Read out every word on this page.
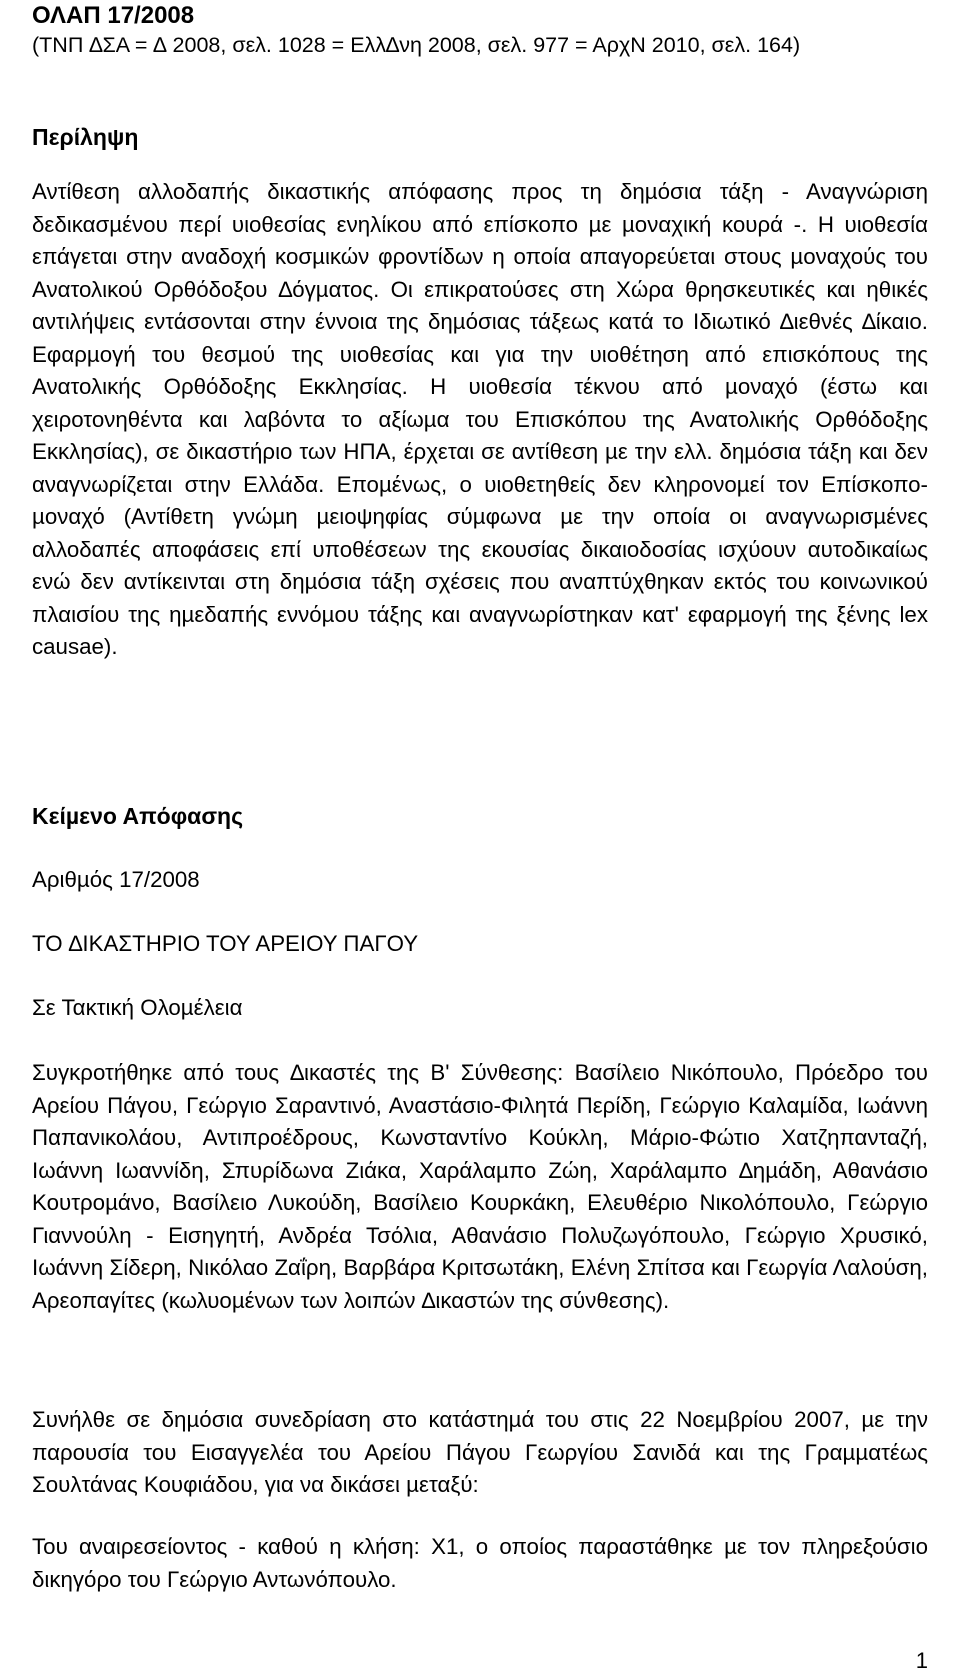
ΟΛΑΠ 17/2008

(ΤΝΠ ∆ΣΑ = ∆ 2008, σελ. 1028 = Ελλ∆νη 2008, σελ. 977 = ΑρχΝ 2010, σελ. 164)

Περίληψη

Αντίθεση αλλοδαπής δικαστικής απόφασης προς τη δηµόσια τάξη - Αναγνώριση δεδικασµένου περί υιοθεσίας ενηλίκου από επίσκοπο µε µοναχική κουρά -. Η υιοθεσία επάγεται στην αναδοχή κοσµικών φροντίδων η οποία απαγορεύεται στους µοναχούς του Ανατολικού Ορθόδοξου ∆όγµατος. Οι επικρατούσες στη Χώρα θρησκευτικές και ηθικές αντιλήψεις εντάσονται στην έννοια της δηµόσιας τάξεως κατά το Ιδιωτικό ∆ιεθνές ∆ίκαιο. Εφαρµογή του θεσµού της υιοθεσίας και για την υιοθέτηση από επισκόπους της Ανατολικής Ορθόδοξης Εκκλησίας. Η υιοθεσία τέκνου από µοναχό (έστω και χειροτονηθέντα και λαβόντα το αξίωµα του Επισκόπου της Ανατολικής Ορθόδοξης Εκκλησίας), σε δικαστήριο των ΗΠΑ, έρχεται σε αντίθεση µε την ελλ. δηµόσια τάξη και δεν αναγνωρίζεται στην Ελλάδα. Εποµένως, ο υιοθετηθείς δεν κληρονοµεί τον Επίσκοπο-µοναχό (Αντίθετη γνώµη µειοψηφίας σύµφωνα µε την οποία οι αναγνωρισµένες αλλοδαπές αποφάσεις επί υποθέσεων της εκουσίας δικαιοδοσίας ισχύουν αυτοδικαίως ενώ δεν αντίκεινται στη δηµόσια τάξη σχέσεις που αναπτύχθηκαν εκτός του κοινωνικού πλαισίου της ηµεδαπής εννόµου τάξης και αναγνωρίστηκαν κατ' εφαρµογή της ξένης lex causae).

Κείµενο Απόφασης

Αριθµός 17/2008

ΤΟ ∆ΙΚΑΣΤΗΡΙΟ ΤΟΥ ΑΡΕΙΟΥ ΠΑΓΟΥ

Σε Τακτική Ολοµέλεια

Συγκροτήθηκε από τους ∆ικαστές της Β' Σύνθεσης: Βασίλειο Νικόπουλο, Πρόεδρο του Αρείου Πάγου, Γεώργιο Σαραντινό, Αναστάσιο-Φιλητά Περίδη, Γεώργιο Καλαµίδα, Ιωάννη Παπανικολάου, Αντιπροέδρους, Κωνσταντίνο Κούκλη, Μάριο-Φώτιο Χατζηπανταζή, Ιωάννη Ιωαννίδη, Σπυρίδωνα Ζιάκα, Χαράλαµπο Ζώη, Χαράλαµπο ∆ηµάδη, Αθανάσιο Κουτροµάνο, Βασίλειο Λυκούδη, Βασίλειο Κουρκάκη, Ελευθέριο Νικολόπουλο, Γεώργιο Γιαννούλη - Εισηγητή, Ανδρέα Τσόλια, Αθανάσιο Πολυζωγόπουλο, Γεώργιο Χρυσικό, Ιωάννη Σίδερη, Νικόλαο Ζαΐρη, Βαρβάρα Κριτσωτάκη, Ελένη Σπίτσα και Γεωργία Λαλούση, Αρεοπαγίτες (κωλυοµένων των λοιπών ∆ικαστών της σύνθεσης).

Συνήλθε σε δηµόσια συνεδρίαση στο κατάστηµά του στις 22 Νοεµβρίου 2007, µε την παρουσία του Εισαγγελέα του Αρείου Πάγου Γεωργίου Σανιδά και της Γραµµατέως Σουλτάνας Κουφιάδου, για να δικάσει µεταξύ:

Του αναιρεσείοντος - καθού η κλήση: Χ1, ο οποίος παραστάθηκε µε τον πληρεξούσιο δικηγόρο του Γεώργιο Αντωνόπουλο.

1
